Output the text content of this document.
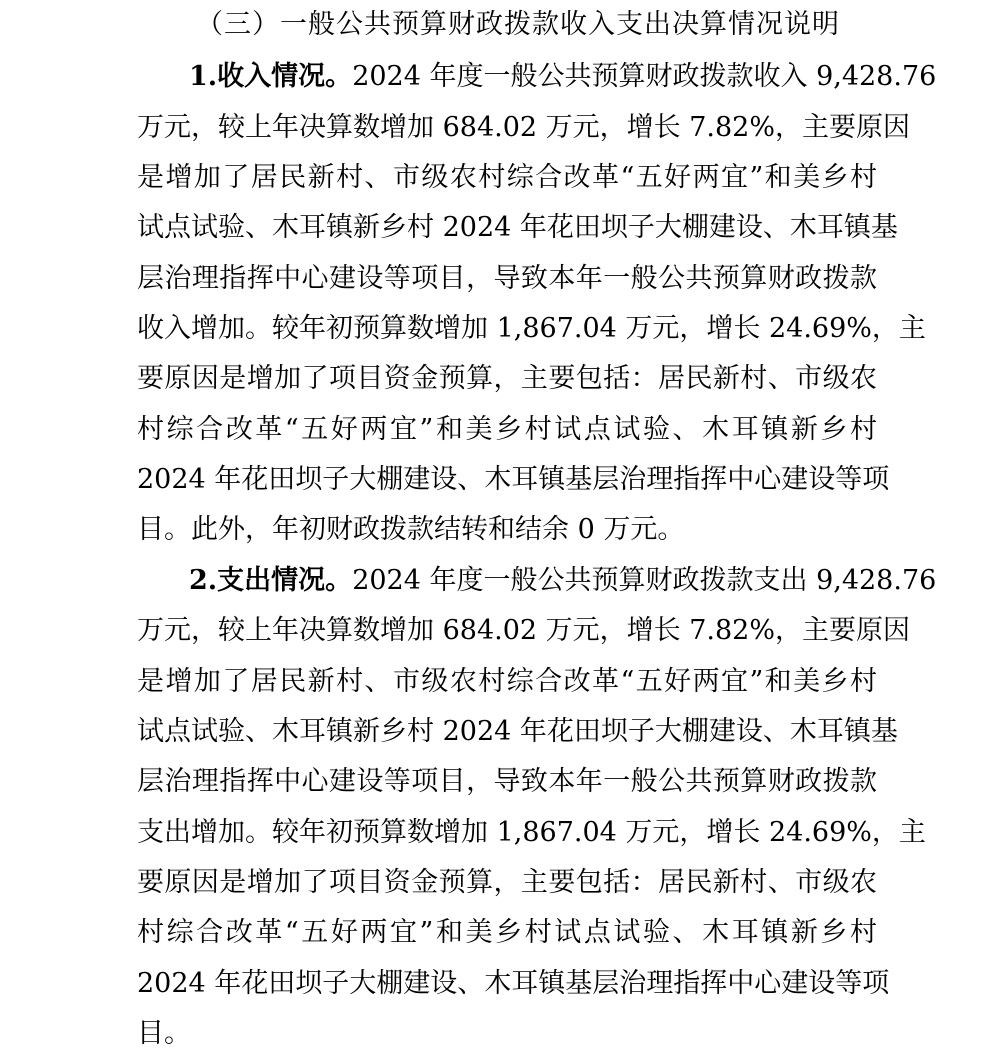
（三）一般公共预算财政拨款收入支出决算情况说明
1.收入情况。2024 年度一般公共预算财政拨款收入 9,428.76
万元，较上年决算数增加 684.02 万元，增长 7.82%，主要原因
是增加了居民新村、市级农村综合改革“五好两宜”和美乡村
试点试验、木耳镇新乡村 2024 年花田坝子大棚建设、木耳镇基
层治理指挥中心建设等项目，导致本年一般公共预算财政拨款
收入增加。较年初预算数增加 1,867.04 万元，增长 24.69%，主
要原因是增加了项目资金预算，主要包括：居民新村、市级农
村综合改革“五好两宜”和美乡村试点试验、木耳镇新乡村
2024 年花田坝子大棚建设、木耳镇基层治理指挥中心建设等项
目。此外，年初财政拨款结转和结余 0 万元。
2.支出情况。2024 年度一般公共预算财政拨款支出 9,428.76
万元，较上年决算数增加 684.02 万元，增长 7.82%，主要原因
是增加了居民新村、市级农村综合改革“五好两宜”和美乡村
试点试验、木耳镇新乡村 2024 年花田坝子大棚建设、木耳镇基
层治理指挥中心建设等项目，导致本年一般公共预算财政拨款
支出增加。较年初预算数增加 1,867.04 万元，增长 24.69%，主
要原因是增加了项目资金预算，主要包括：居民新村、市级农
村综合改革“五好两宜”和美乡村试点试验、木耳镇新乡村
2024 年花田坝子大棚建设、木耳镇基层治理指挥中心建设等项
目。
